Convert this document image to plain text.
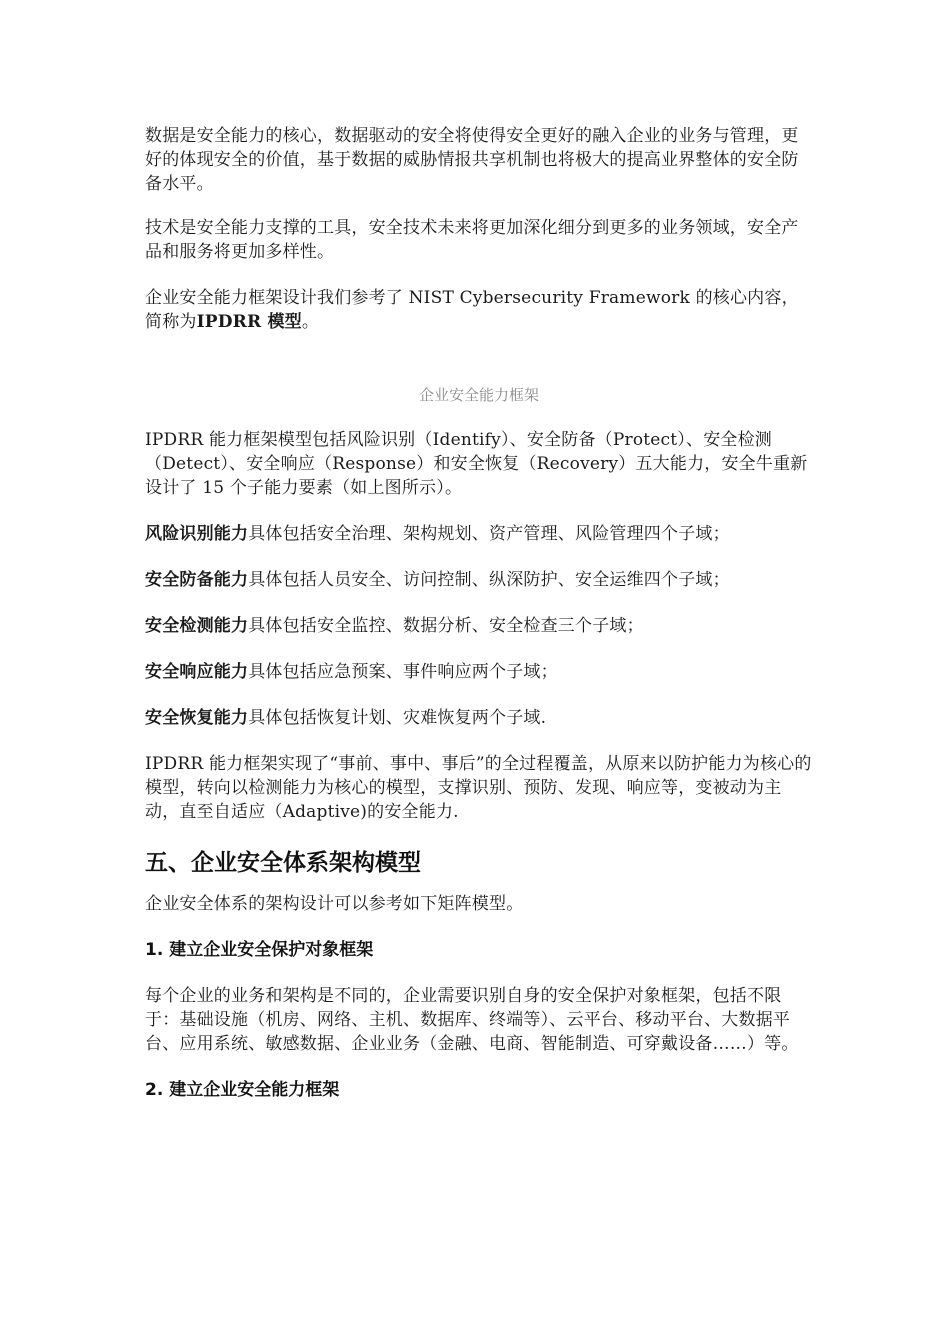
数据是安全能力的核心，数据驱动的安全将使得安全更好的融入企业的业务与管理，更好的体现安全的价值，基于数据的威胁情报共享机制也将极大的提高业界整体的安全防备水平。

技术是安全能力支撑的工具，安全技术未来将更加深化细分到更多的业务领域，安全产品和服务将更加多样性。

企业安全能力框架设计我们参考了 NIST Cybersecurity Framework 的核心内容，简称为IPDRR 模型。

企业安全能力框架

IPDRR 能力框架模型包括风险识别（Identify）、安全防备（Protect）、安全检测（Detect）、安全响应（Response）和安全恢复（Recovery）五大能力，安全牛重新设计了 15 个子能力要素（如上图所示）。

风险识别能力具体包括安全治理、架构规划、资产管理、风险管理四个子域；

安全防备能力具体包括人员安全、访问控制、纵深防护、安全运维四个子域；

安全检测能力具体包括安全监控、数据分析、安全检查三个子域；

安全响应能力具体包括应急预案、事件响应两个子域；

安全恢复能力具体包括恢复计划、灾难恢复两个子域.

IPDRR 能力框架实现了“事前、事中、事后”的全过程覆盖，从原来以防护能力为核心的模型，转向以检测能力为核心的模型，支撑识别、预防、发现、响应等，变被动为主动，直至自适应（Adaptive)的安全能力.

五、企业安全体系架构模型

企业安全体系的架构设计可以参考如下矩阵模型。

1. 建立企业安全保护对象框架

每个企业的业务和架构是不同的，企业需要识别自身的安全保护对象框架，包括不限于：基础设施（机房、网络、主机、数据库、终端等）、云平台、移动平台、大数据平台、应用系统、敏感数据、企业业务（金融、电商、智能制造、可穿戴设备……）等。

2. 建立企业安全能力框架
